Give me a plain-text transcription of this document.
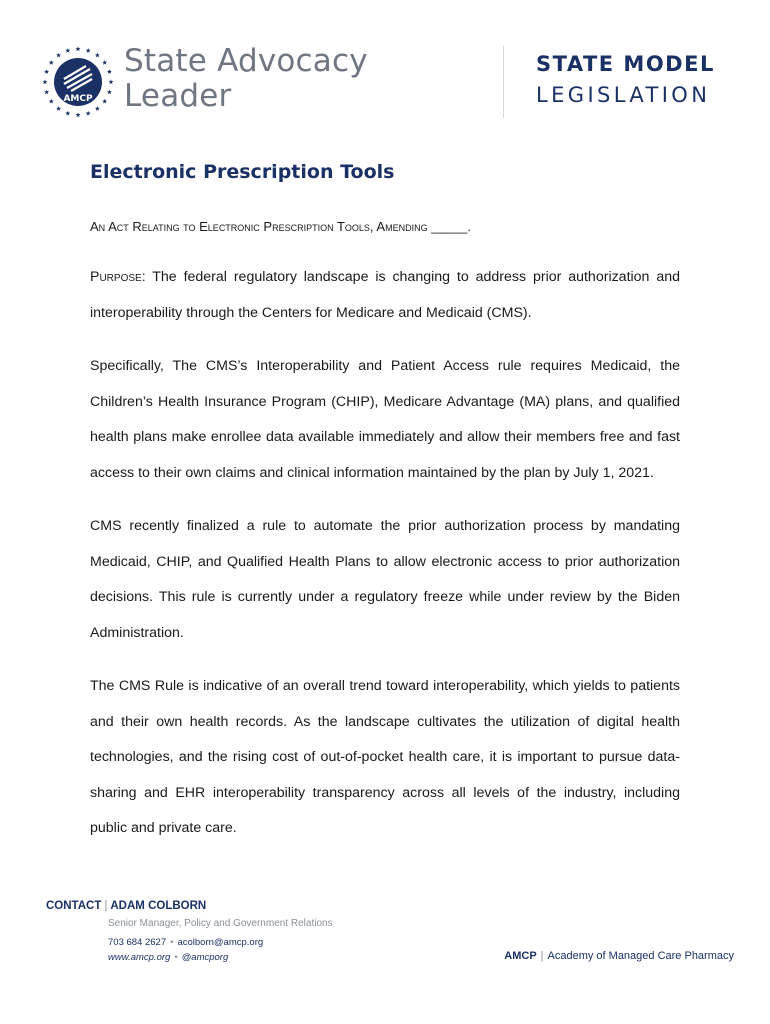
AMCP
State Advocacy
Leader
STATE MODEL
LEGISLATION
Electronic Prescription Tools
An Act Relating to Electronic Prescription Tools, Amending _____.

Purpose: The federal regulatory landscape is changing to address prior authorization and interoperability through the Centers for Medicare and Medicaid (CMS).

Specifically, The CMS’s Interoperability and Patient Access rule requires Medicaid, the Children’s Health Insurance Program (CHIP), Medicare Advantage (MA) plans, and qualified health plans make enrollee data available immediately and allow their members free and fast access to their own claims and clinical information maintained by the plan by July 1, 2021.

CMS recently finalized a rule to automate the prior authorization process by mandating Medicaid, CHIP, and Qualified Health Plans to allow electronic access to prior authorization decisions. This rule is currently under a regulatory freeze while under review by the Biden Administration.

The CMS Rule is indicative of an overall trend toward interoperability, which yields to patients and their own health records. As the landscape cultivates the utilization of digital health technologies, and the rising cost of out-of-pocket health care, it is important to pursue data-sharing and EHR interoperability transparency across all levels of the industry, including public and private care.

CONTACT | ADAM COLBORN
Senior Manager, Policy and Government Relations
703 684 2627 • acolborn@amcp.org
www.amcp.org • @amcporg	AMCP | Academy of Managed Care Pharmacy
